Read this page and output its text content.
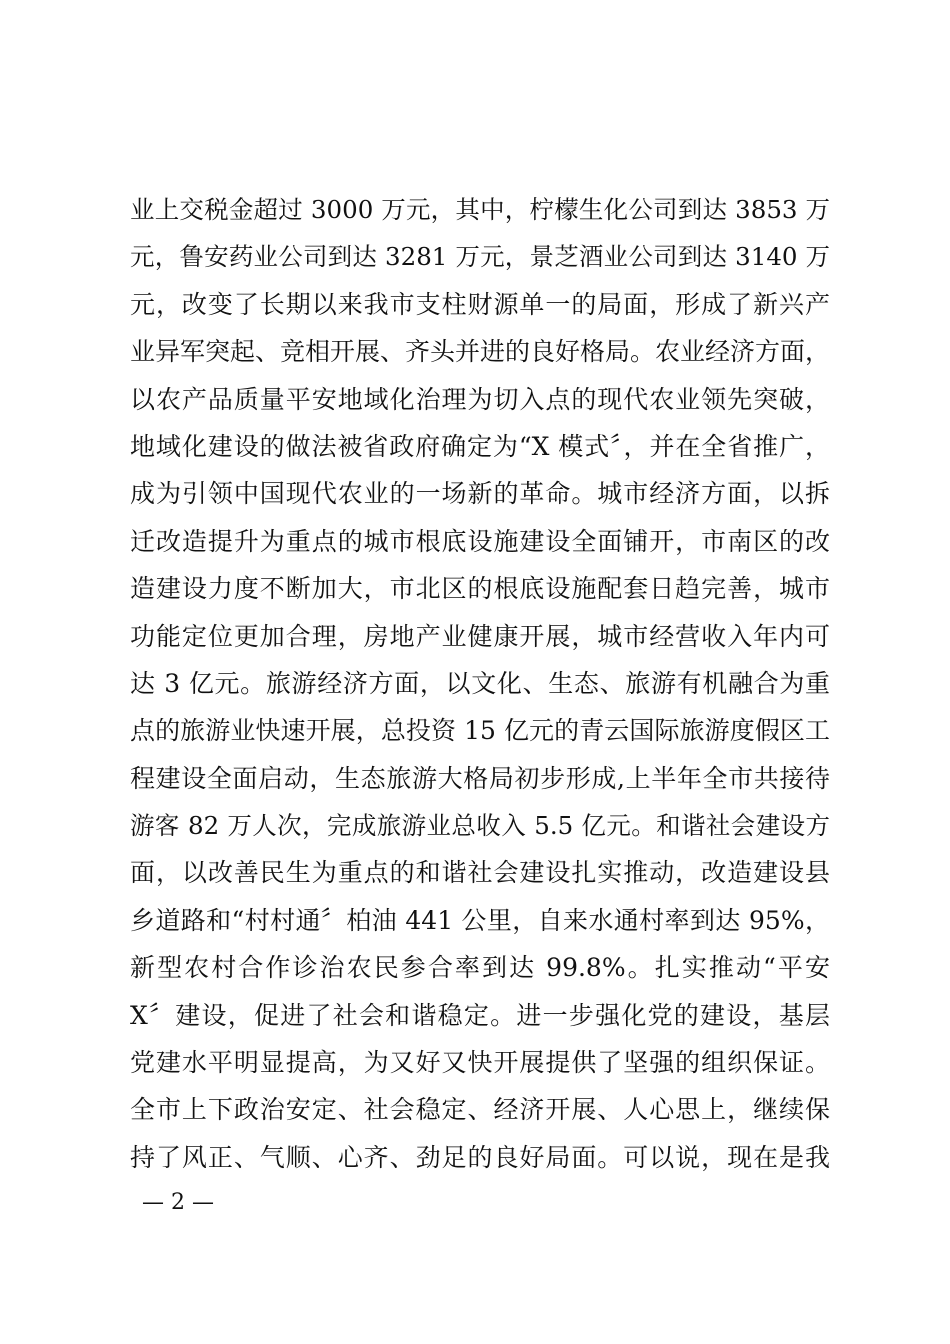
业上交税金超过 3000 万元，其中，柠檬生化公司到达 3853 万
元，鲁安药业公司到达 3281 万元，景芝酒业公司到达 3140 万
元，改变了长期以来我市支柱财源单一的局面，形成了新兴产
业异军突起、竞相开展、齐头并进的良好格局。农业经济方面，
以农产品质量平安地域化治理为切入点的现代农业领先突破，
地域化建设的做法被省政府确定为“X 模式〞，并在全省推广，
成为引领中国现代农业的一场新的革命。城市经济方面，以拆
迁改造提升为重点的城市根底设施建设全面铺开，市南区的改
造建设力度不断加大，市北区的根底设施配套日趋完善，城市
功能定位更加合理，房地产业健康开展，城市经营收入年内可
达 3 亿元。旅游经济方面，以文化、生态、旅游有机融合为重
点的旅游业快速开展，总投资 15 亿元的青云国际旅游度假区工
程建设全面启动，生态旅游大格局初步形成,上半年全市共接待
游客 82 万人次，完成旅游业总收入 5.5 亿元。和谐社会建设方
面，以改善民生为重点的和谐社会建设扎实推动，改造建设县
乡道路和“村村通〞柏油 441 公里，自来水通村率到达 95%，
新型农村合作诊治农民参合率到达 99.8%。扎实推动“平安
X〞建设，促进了社会和谐稳定。进一步强化党的建设，基层
党建水平明显提高，为又好又快开展提供了坚强的组织保证。
全市上下政治安定、社会稳定、经济开展、人心思上，继续保
持了风正、气顺、心齐、劲足的良好局面。可以说，现在是我
— 2 —
